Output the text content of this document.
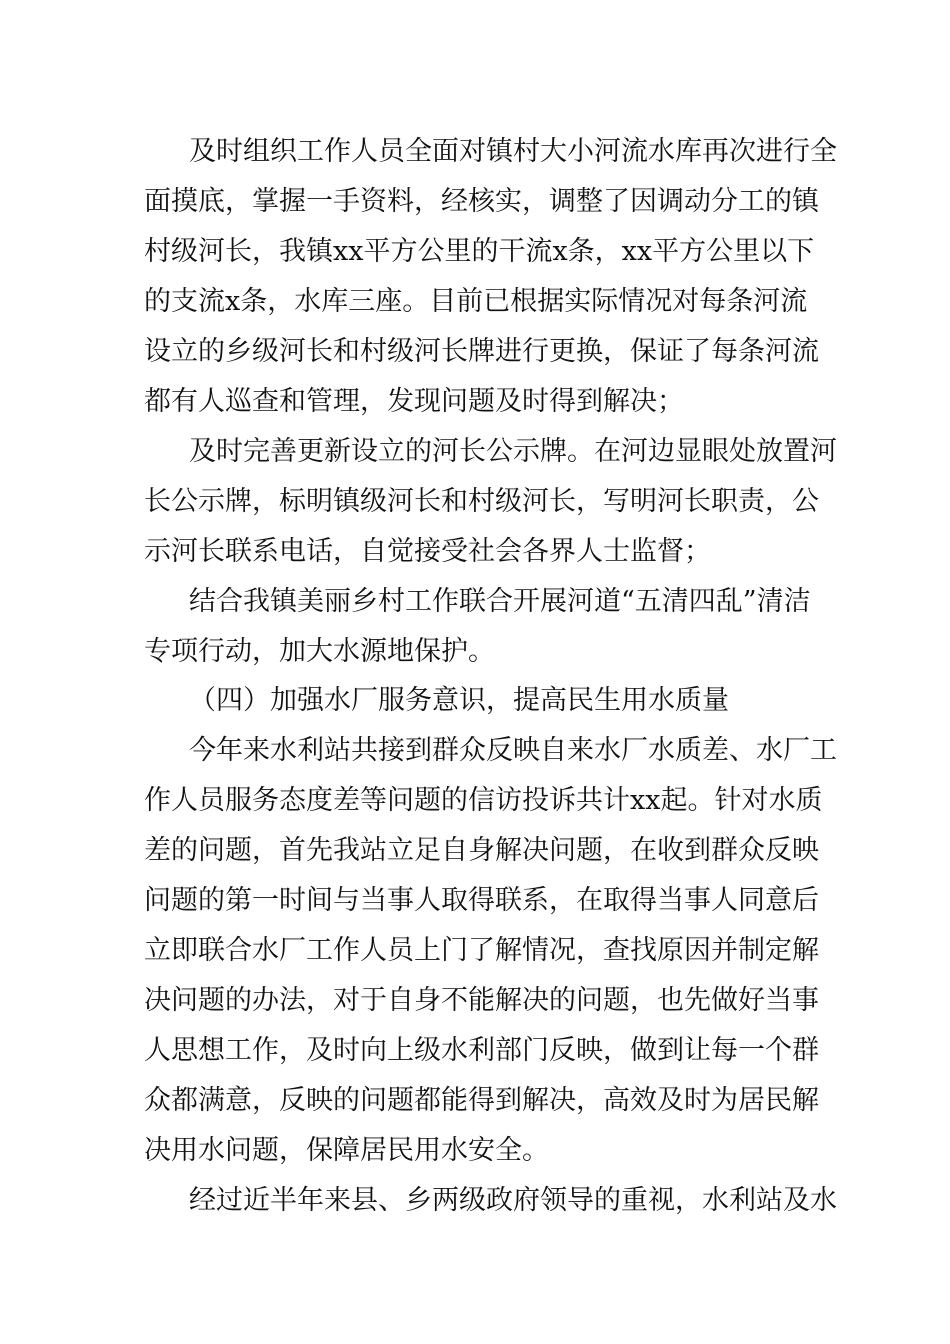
及时组织工作人员全面对镇村大小河流水库再次进行全

面摸底，掌握一手资料，经核实，调整了因调动分工的镇

村级河长，我镇xx平方公里的干流x条，xx平方公里以下

的支流x条，水库三座。目前已根据实际情况对每条河流

设立的乡级河长和村级河长牌进行更换，保证了每条河流

都有人巡查和管理，发现问题及时得到解决；

及时完善更新设立的河长公示牌。在河边显眼处放置河

长公示牌，标明镇级河长和村级河长，写明河长职责，公

示河长联系电话，自觉接受社会各界人士监督；

结合我镇美丽乡村工作联合开展河道“五清四乱”清洁

专项行动，加大水源地保护。

（四）加强水厂服务意识，提高民生用水质量

今年来水利站共接到群众反映自来水厂水质差、水厂工

作人员服务态度差等问题的信访投诉共计xx起。针对水质

差的问题，首先我站立足自身解决问题，在收到群众反映

问题的第一时间与当事人取得联系，在取得当事人同意后

立即联合水厂工作人员上门了解情况，查找原因并制定解

决问题的办法，对于自身不能解决的问题，也先做好当事

人思想工作，及时向上级水利部门反映，做到让每一个群

众都满意，反映的问题都能得到解决，高效及时为居民解

决用水问题，保障居民用水安全。

经过近半年来县、乡两级政府领导的重视，水利站及水
